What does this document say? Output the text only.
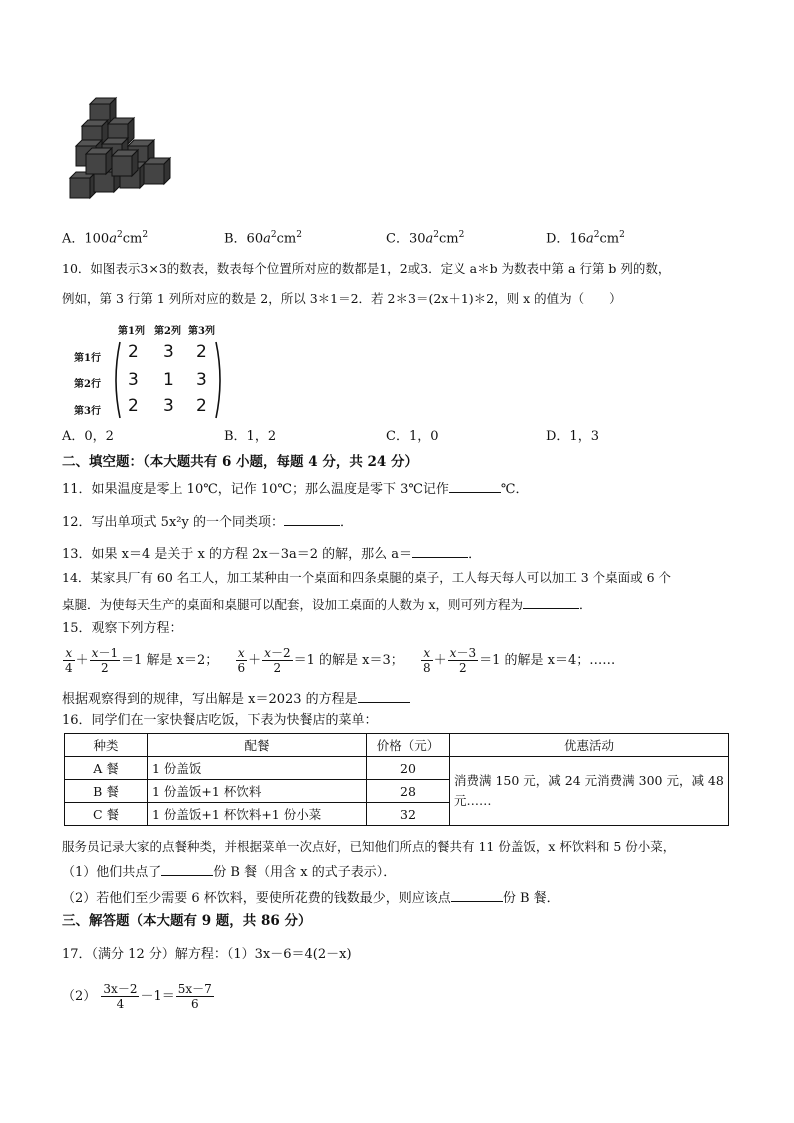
A．$100a^2cm^2$	B．$60a^2cm^2$	C．$30a^2cm^2$	D．$16a^2cm^2$
10．如图表示3×3的数表，数表每个位置所对应的数都是1，2或3．定义 a＊b 为数表中第 a 行第 b 列的数，
例如，第 3 行第 1 列所对应的数是 2，所以 3＊1＝2．若 2＊3＝(2x＋1)＊2，则 x 的值为（　　）
第1列 第2列 第3列
第1行
第2行
第3行
2 3 2
3 1 3
2 3 2
A．0，2	B．1，2	C．1，0	D．1，3
二、填空题：（本大题共有 6 小题，每题 4 分，共 24 分）
11．如果温度是零上 10℃，记作 10℃；那么温度是零下 3℃记作	℃．
12．写出单项式 5x²y 的一个同类项：	．
13．如果 x＝4 是关于 x 的方程 2x－3a＝2 的解，那么 a＝	．
14．某家具厂有 60 名工人，加工某种由一个桌面和四条桌腿的桌子，工人每天每人可以加工 3 个桌面或 6 个
桌腿．为使每天生产的桌面和桌腿可以配套，设加工桌面的人数为 x，则可列方程为	．
15．观察下列方程：
$\frac{x}{4} + \frac{x-1}{2} =1$ 解是 x＝2； $\frac{x}{6} + \frac{x-2}{2} =1$ 的解是 x＝3； $\frac{x}{8} + \frac{x-3}{2} =1$ 的解是 x＝4；……
根据观察得到的规律，写出解是 x＝2023 的方程是
16．同学们在一家快餐店吃饭，下表为快餐店的菜单：
种类	配餐	价格（元）	优惠活动
A 餐	1 份盖饭	20	消费满 150 元，减 24 元消费满 300 元，减 48
元……
B 餐	1 份盖饭+1 杯饮料	28	
C 餐	1 份盖饭+1 杯饮料+1 份小菜	32	
服务员记录大家的点餐种类，并根据菜单一次点好，已知他们所点的餐共有 11 份盖饭，x 杯饮料和 5 份小菜，
（1）他们共点了	份 B 餐（用含 x 的式子表示）．
（2）若他们至少需要 6 杯饮料，要使所花费的钱数最少，则应该点	份 B 餐．
三、解答题（本大题有 9 题，共 86 分）
17．（满分 12 分）解方程：（1）3x－6＝4(2－x)
$(2) \frac{3x-2}{4} -1= \frac{5x-7}{6}$
